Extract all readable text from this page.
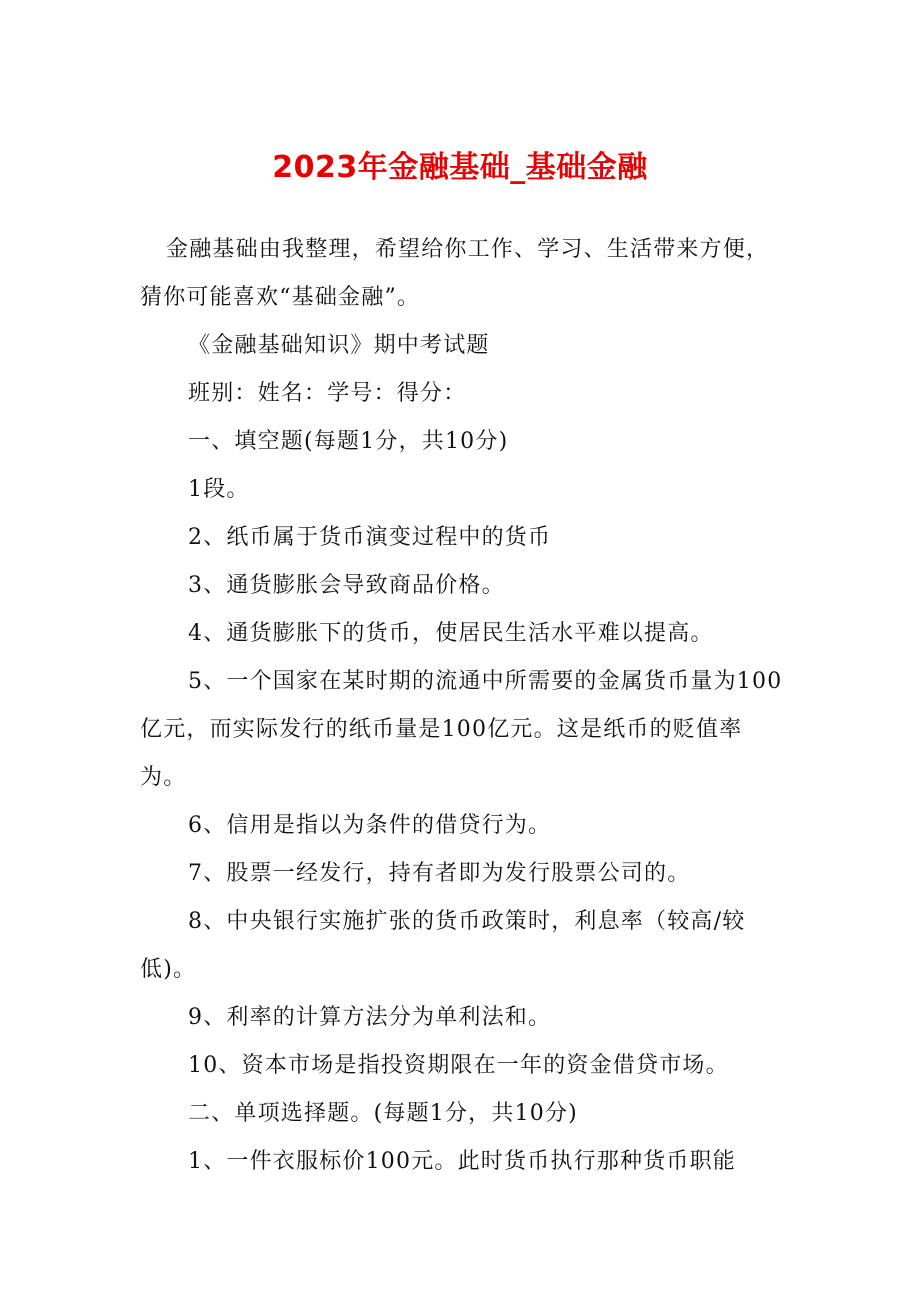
2023年金融基础_基础金融

金融基础由我整理，希望给你工作、学习、生活带来方便，猜你可能喜欢“基础金融”。

《金融基础知识》期中考试题

班别：姓名：学号：得分：

一、填空题(每题1分，共10分)

1段。

2、纸币属于货币演变过程中的货币

3、通货膨胀会导致商品价格。

4、通货膨胀下的货币，使居民生活水平难以提高。

5、一个国家在某时期的流通中所需要的金属货币量为100亿元，而实际发行的纸币量是100亿元。这是纸币的贬值率为。

6、信用是指以为条件的借贷行为。

7、股票一经发行，持有者即为发行股票公司的。

8、中央银行实施扩张的货币政策时，利息率（较高/较低)。

9、利率的计算方法分为单利法和。

10、资本市场是指投资期限在一年的资金借贷市场。

二、单项选择题。(每题1分，共10分)

1、一件衣服标价100元。此时货币执行那种货币职能
